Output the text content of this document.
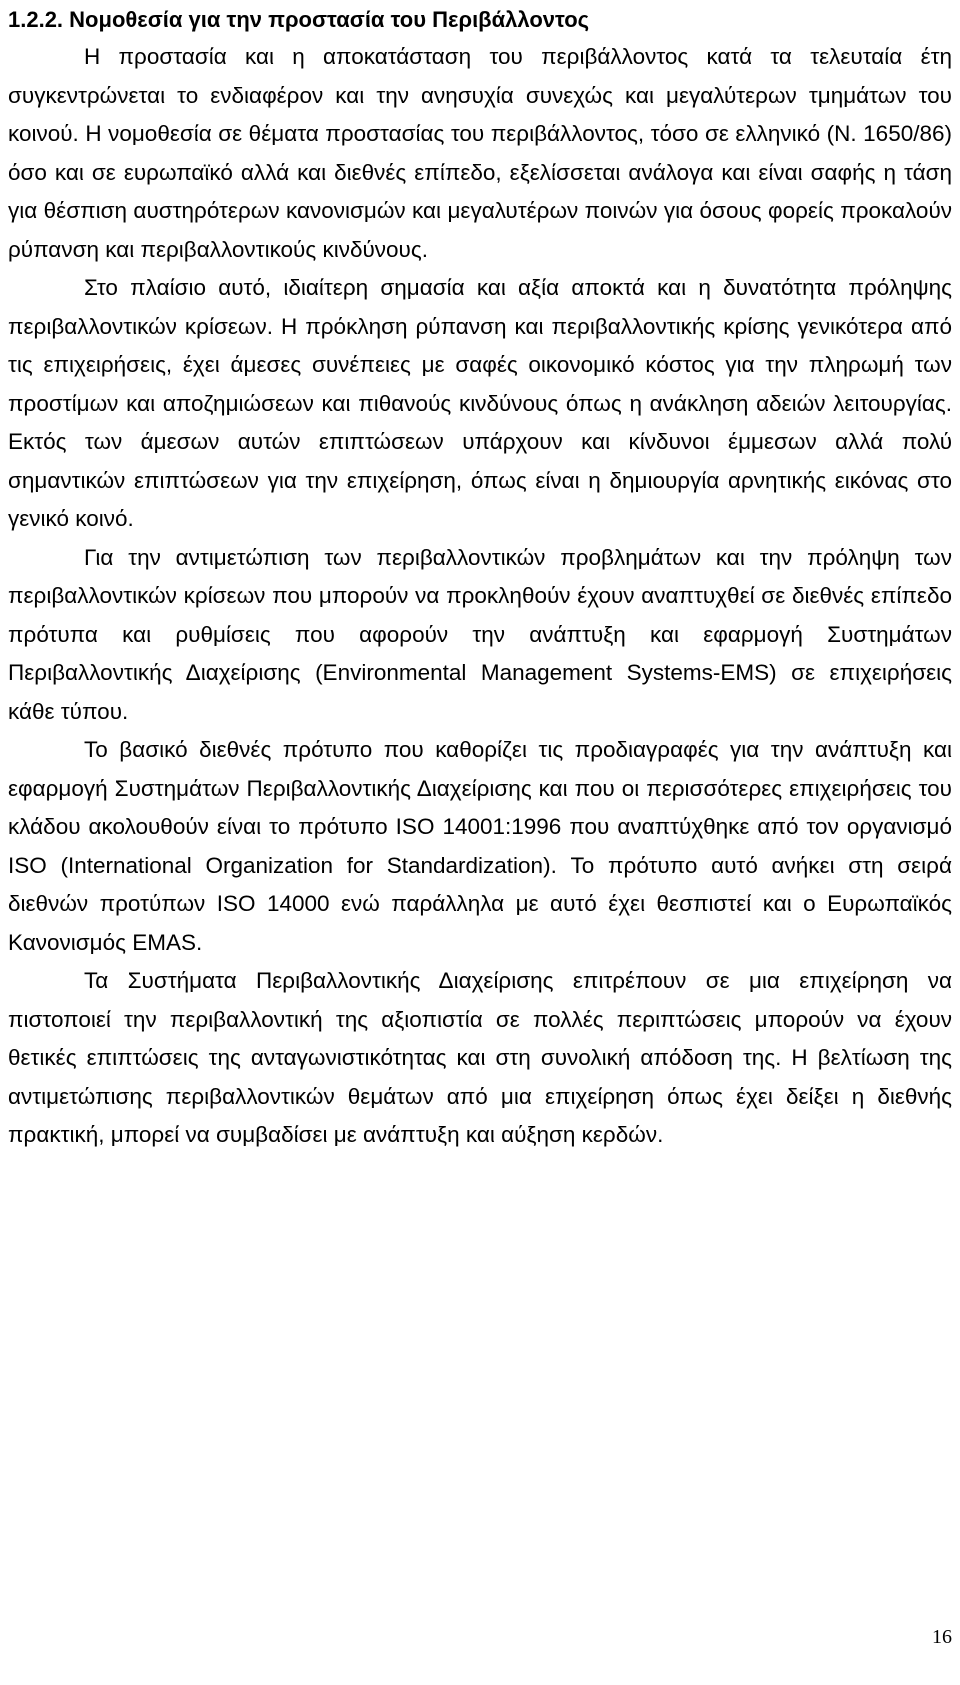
1.2.2. Νομοθεσία για την προστασία του Περιβάλλοντος

Η προστασία και η αποκατάσταση του περιβάλλοντος κατά τα τελευταία έτη συγκεντρώνεται το ενδιαφέρον και την ανησυχία συνεχώς και μεγαλύτερων τμημάτων του κοινού. Η νομοθεσία σε θέματα προστασίας του περιβάλλοντος, τόσο σε ελληνικό (Ν. 1650/86) όσο και σε ευρωπαϊκό αλλά και διεθνές επίπεδο, εξελίσσεται ανάλογα και είναι σαφής η τάση για θέσπιση αυστηρότερων κανονισμών και μεγαλυτέρων ποινών για όσους φορείς προκαλούν ρύπανση και περιβαλλοντικούς κινδύνους.

Στο πλαίσιο αυτό, ιδιαίτερη σημασία και αξία αποκτά και η δυνατότητα πρόληψης περιβαλλοντικών κρίσεων. Η πρόκληση ρύπανση και περιβαλλοντικής κρίσης γενικότερα από τις επιχειρήσεις, έχει άμεσες συνέπειες με σαφές οικονομικό κόστος για την πληρωμή των προστίμων και αποζημιώσεων και πιθανούς κινδύνους όπως η ανάκληση αδειών λειτουργίας. Εκτός των άμεσων αυτών επιπτώσεων υπάρχουν και κίνδυνοι έμμεσων αλλά πολύ σημαντικών επιπτώσεων για την επιχείρηση, όπως είναι η δημιουργία αρνητικής εικόνας στο γενικό κοινό.

Για την αντιμετώπιση των περιβαλλοντικών προβλημάτων και την πρόληψη των περιβαλλοντικών κρίσεων που μπορούν να προκληθούν έχουν αναπτυχθεί σε διεθνές επίπεδο πρότυπα και ρυθμίσεις που αφορούν την ανάπτυξη και εφαρμογή Συστημάτων Περιβαλλοντικής Διαχείρισης (Environmental Management Systems-EMS) σε επιχειρήσεις κάθε τύπου.

Το βασικό διεθνές πρότυπο που καθορίζει τις προδιαγραφές για την ανάπτυξη και εφαρμογή Συστημάτων Περιβαλλοντικής Διαχείρισης και που οι περισσότερες επιχειρήσεις του κλάδου ακολουθούν είναι το πρότυπο ISO 14001:1996 που αναπτύχθηκε από τον οργανισμό ISO (International Organization for Standardization). Το πρότυπο αυτό ανήκει στη σειρά διεθνών προτύπων ISO 14000 ενώ παράλληλα με αυτό έχει θεσπιστεί και ο Ευρωπαϊκός Κανονισμός EMAS.

Τα Συστήματα Περιβαλλοντικής Διαχείρισης επιτρέπουν σε μια επιχείρηση να πιστοποιεί την περιβαλλοντική της αξιοπιστία σε πολλές περιπτώσεις μπορούν να έχουν θετικές επιπτώσεις της ανταγωνιστικότητας και στη συνολική απόδοση της. Η βελτίωση της αντιμετώπισης περιβαλλοντικών θεμάτων από μια επιχείρηση όπως έχει δείξει η διεθνής πρακτική, μπορεί να συμβαδίσει με ανάπτυξη και αύξηση κερδών.

16
